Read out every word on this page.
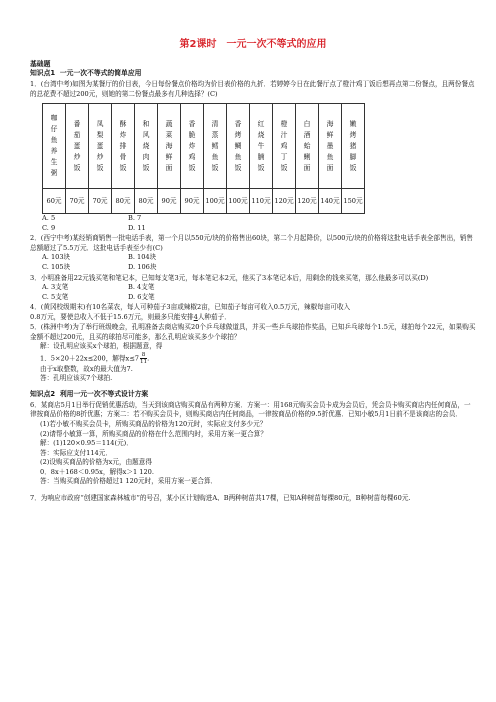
第2课时　一元一次不等式的应用
基础题
知识点1 一元一次不等式的简单应用

1．(台湾中考)如图为某餐厅的价目表，今日每份餐点价格均为价目表价格的九折．若婷婷今日在此餐厅点了橙汁鸡丁饭后想再点第二份餐点，且两份餐点的总花费不超过200元，则她的第二份餐点最多有几种选择？(C)

咖仔鱼养生粥	番茄蛋炒饭	凤梨蛋炒饭	酥炸排骨饭	和风烧肉饭	蔬菜海鲜面	香脆炸鸡饭	清蒸鳕鱼饭	香烤鲷鱼饭	红烧牛腩饭	橙汁鸡丁饭	白酒蛤蜊面	海鲜墨鱼面	嫩烤猪脚饭
60元	70元	70元	80元	80元	90元	90元	100元	100元	110元	120元	120元	140元	150元
A. 5	B. 7
C. 9	D. 11

2．(西宁中考)某经销商销售一批电话手表，第一个月以550元/块的价格售出60块，第二个月起降价，以500元/块的价格将这批电话手表全部售出，销售总额超过了5.5万元．这批电话手表至少有(C)

A. 103块	B. 104块
C. 105块	D. 106块

3．小明准备用22元钱买笔和笔记本，已知每支笔3元，每本笔记本2元，他买了3本笔记本后，用剩余的钱来买笔，那么他最多可以买(D)

A. 3支笔	B. 4支笔
C. 5支笔	D. 6支笔

4．(黄冈校级期末)有10名菜农，每人可种茄子3亩或辣椒2亩，已知茄子每亩可收入0.5万元，辣椒每亩可收入

0.8万元，要使总收入不低于15.6万元，则最多只能安排4人种茄子．

5．(株洲中考)为了举行班级晚会，孔明准备去商店购买20个乒乓球做道具，并买一些乒乓球拍作奖品，已知乒乓球每个1.5元，球拍每个22元，如果购买金额不超过200元，且买的球拍尽可能多，那么孔明应该买多少个球拍？

解：设孔明应该买x个球拍，根据题意，得

1．5×20＋22x≤200，解得$x\le 7 \frac{8}{11}$ .

由于x取整数，故x的最大值为7.

答：孔明应该买7个球拍.

知识点2 利用一元一次不等式设计方案

6．某商店5月1日举行促销优惠活动，当天到该商店购买商品有两种方案．方案一：用168元购买会员卡成为会员后，凭会员卡购买商店内任何商品，一律按商品价格的8折优惠；方案二：若不购买会员卡，则购买商店内任何商品，一律按商品价格的9.5折优惠．已知小敏5月1日前不是该商店的会员．

(1)若小敏不购买会员卡，所购买商品的价格为120元时，实际应支付多少元？

(2)请帮小敏算一算，所购买商品的价格在什么范围内时，采用方案一更合算？

解：(1)120×0.95＝114(元)．

答：实际应支付114元．

(2)设购买商品的价格为x元，由题意得

0．8x＋168＜0.95x，解得x＞1 120.

答：当购买商品的价格超过1 120元时，采用方案一更合算．

7．为响应市政府“创建国家森林城市”的号召，某小区计划购进A、B两种树苗共17棵，已知A种树苗每棵80元，B种树苗每棵60元.
